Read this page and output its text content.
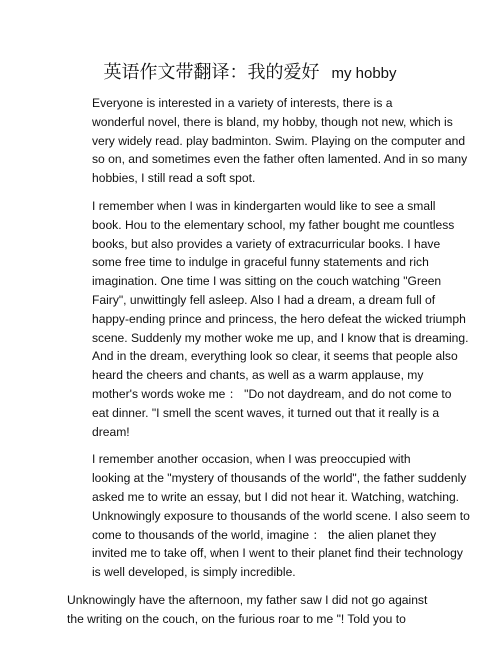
英语作文带翻译：我的爱好 my hobby

Everyone is interested in a variety of interests, there is a
wonderful novel, there is bland, my hobby, though not new, which is
very widely read. play badminton. Swim. Playing on the computer and
so on, and sometimes even the father often lamented. And in so many
hobbies, I still read a soft spot.

I remember when I was in kindergarten would like to see a small
book. Hou to the elementary school, my father bought me countless
books, but also provides a variety of extracurricular books. I have
some free time to indulge in graceful funny statements and rich
imagination. One time I was sitting on the couch watching "Green
Fairy", unwittingly fell asleep. Also I had a dream, a dream full of
happy-ending prince and princess, the hero defeat the wicked triumph
scene. Suddenly my mother woke me up, and I know that is dreaming.
And in the dream, everything look so clear, it seems that people also
heard the cheers and chants, as well as a warm applause, my
mother's words woke me ： "Do not daydream, and do not come to
eat dinner. "I smell the scent waves, it turned out that it really is a
dream!

I remember another occasion, when I was preoccupied with
looking at the "mystery of thousands of the world", the father suddenly
asked me to write an essay, but I did not hear it. Watching, watching.
Unknowingly exposure to thousands of the world scene. I also seem to
come to thousands of the world, imagine ： the alien planet they
invited me to take off, when I went to their planet find their technology
is well developed, is simply incredible.

Unknowingly have the afternoon, my father saw I did not go against
the writing on the couch, on the furious roar to me "! Told you to
